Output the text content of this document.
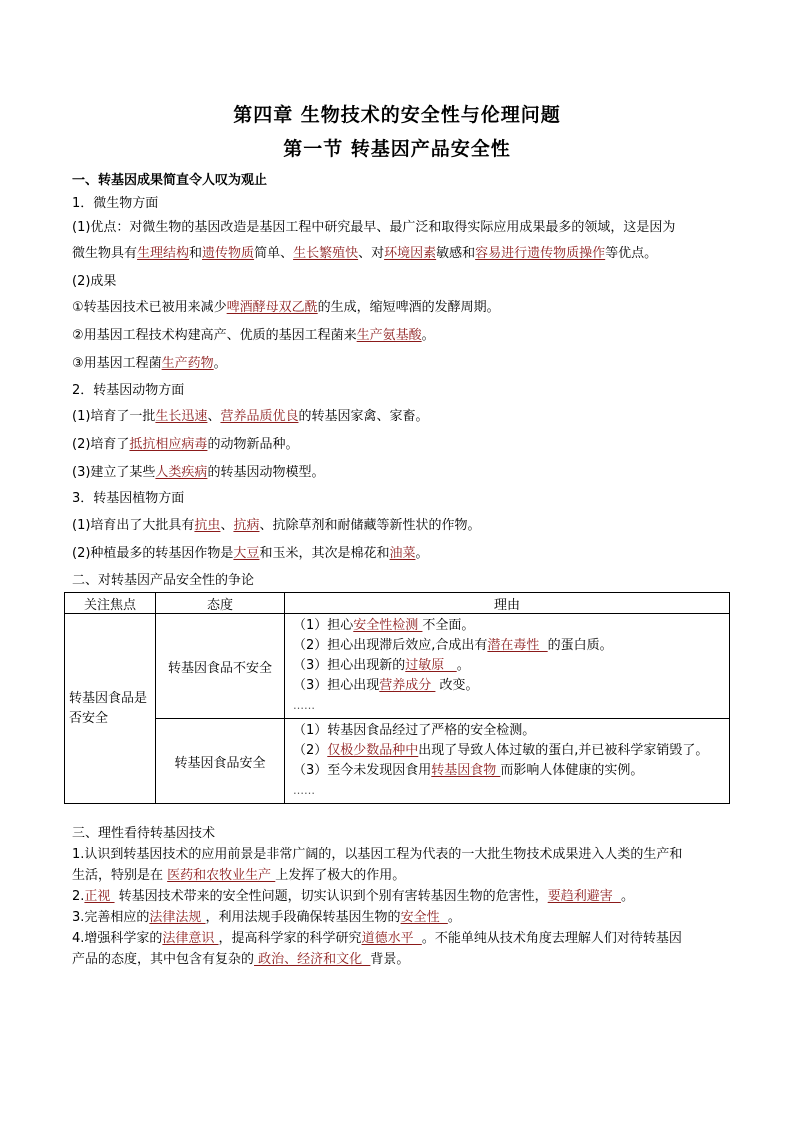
第四章 生物技术的安全性与伦理问题
第一节 转基因产品安全性
一、转基因成果简直令人叹为观止
1．微生物方面
(1)优点：对微生物的基因改造是基因工程中研究最早、最广泛和取得实际应用成果最多的领域，这是因为
微生物具有生理结构和遗传物质简单、生长繁殖快、对环境因素敏感和容易进行遗传物质操作等优点。
(2)成果
①转基因技术已被用来减少啤酒酵母双乙酰的生成，缩短啤酒的发酵周期。
②用基因工程技术构建高产、优质的基因工程菌来生产氨基酸。
③用基因工程菌生产药物。
2．转基因动物方面
(1)培育了一批生长迅速、营养品质优良的转基因家禽、家畜。
(2)培育了抵抗相应病毒的动物新品种。
(3)建立了某些人类疾病的转基因动物模型。
3．转基因植物方面
(1)培育出了大批具有抗虫、抗病、抗除草剂和耐储藏等新性状的作物。
(2)种植最多的转基因作物是大豆和玉米，其次是棉花和油菜。
二、对转基因产品安全性的争论
三、理性看待转基因技术
1.认识到转基因技术的应用前景是非常广阔的，以基因工程为代表的一大批生物技术成果进入人类的生产和
生活，特别是在 医药和农牧业生产 上发挥了极大的作用。
2.正视  转基因技术带来的安全性问题，切实认识到个别有害转基因生物的危害性，要趋利避害  。
3.完善相应的法律法规 ，利用法规手段确保转基因生物的安全性  。
4.增强科学家的法律意识 ，提高科学家的科学研究道德水平  。不能单纯从技术角度去理解人们对待转基因
产品的态度，其中包含有复杂的 政治、经济和文化  背景。
关注焦点	态度	理由
转基因食品是否安全	转基因食品不安全	（1）担心安全性检测 不全面。
（2）担心出现滞后效应,合成出有潜在毒性  的蛋白质。
（3）担心出现新的过敏原   。
（3）担心出现营养成分  改变。
……

	转基因食品安全	（1）转基因食品经过了严格的安全检测。
（2）仅极少数品种中出现了导致人体过敏的蛋白,并已被科学家销毁了。
（3）至今未发现因食用转基因食物 而影响人体健康的实例。
……
